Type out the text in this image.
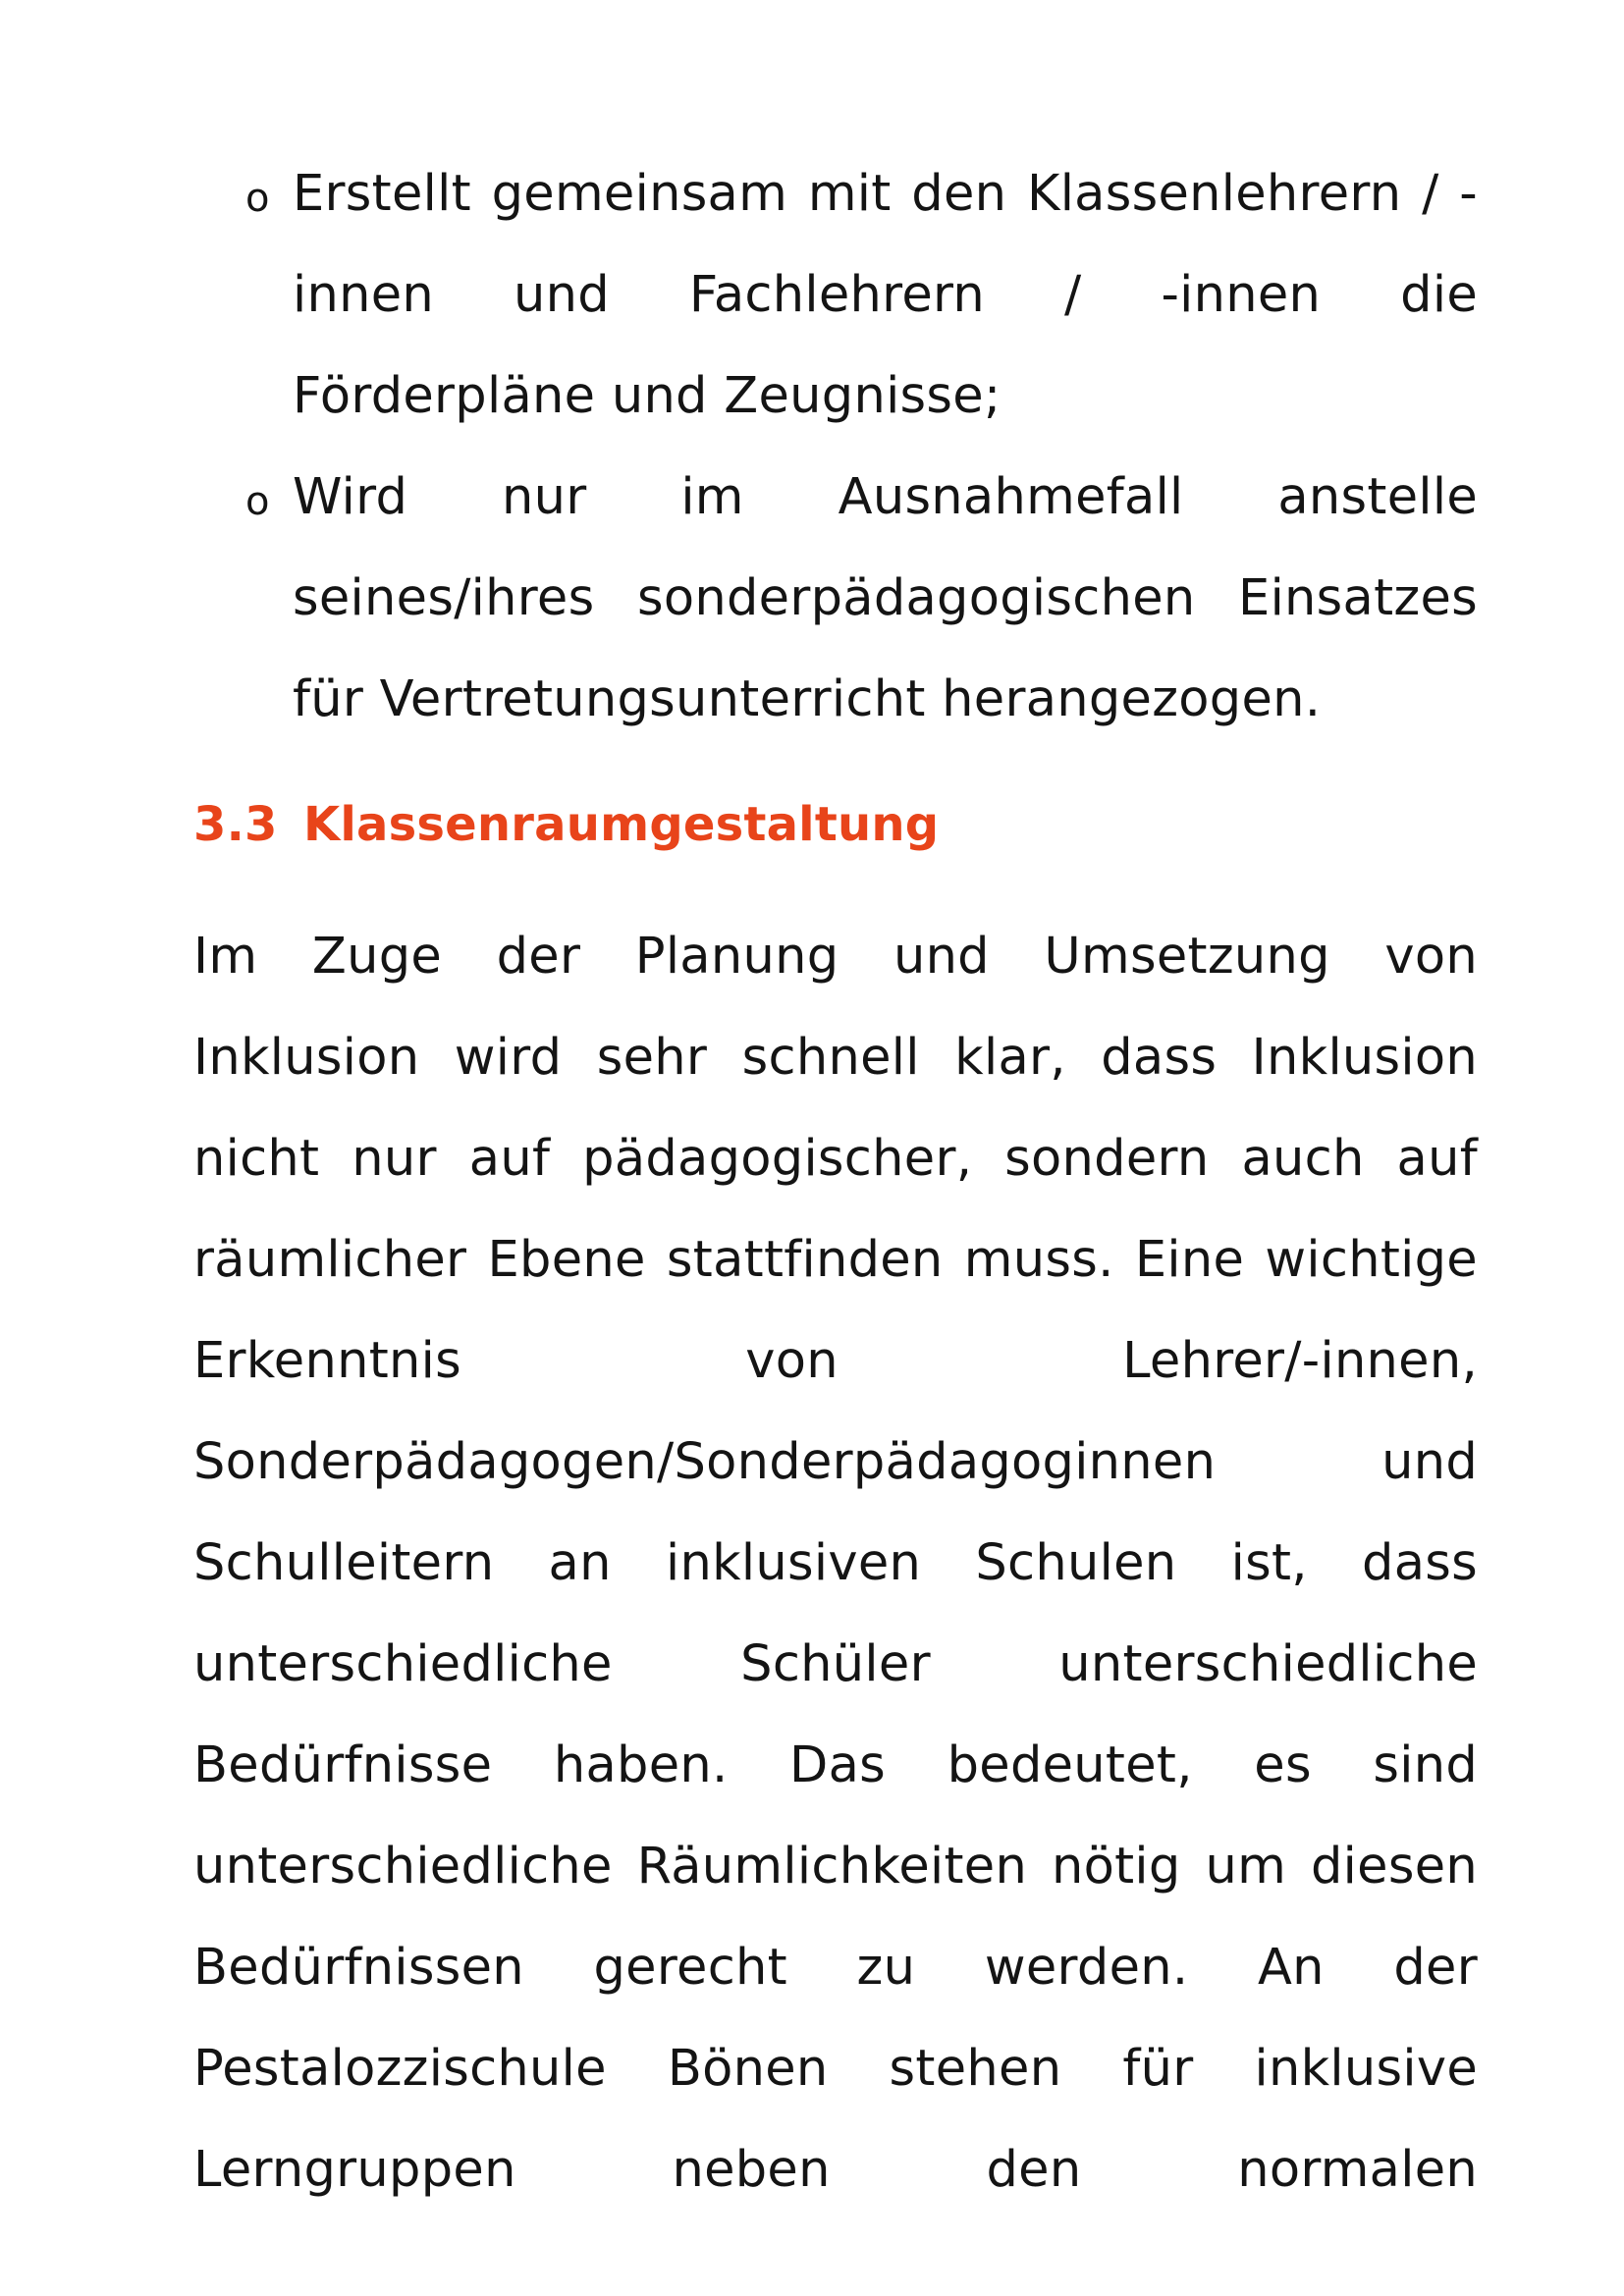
o Erstellt gemeinsam mit den Klassenlehrern / -innen und Fachlehrern / -innen die Förderpläne und Zeugnisse;
o Wird nur im Ausnahmefall anstelle seines/ihres sonderpädagogischen Einsatzes für Vertretungsunterricht herangezogen.
3.3 Klassenraumgestaltung

Im Zuge der Planung und Umsetzung von Inklusion wird sehr schnell klar, dass Inklusion nicht nur auf pädagogischer, sondern auch auf räumlicher Ebene stattfinden muss. Eine wichtige Erkenntnis von Lehrer/-innen, Sonderpädagogen/Sonderpädagoginnen und Schulleitern an inklusiven Schulen ist, dass unterschiedliche Schüler unterschiedliche Bedürfnisse haben. Das bedeutet, es sind unterschiedliche Räumlichkeiten nötig um diesen Bedürfnissen gerecht zu werden. An der Pestalozzischule Bönen stehen für inklusive Lerngruppen neben den normalen
